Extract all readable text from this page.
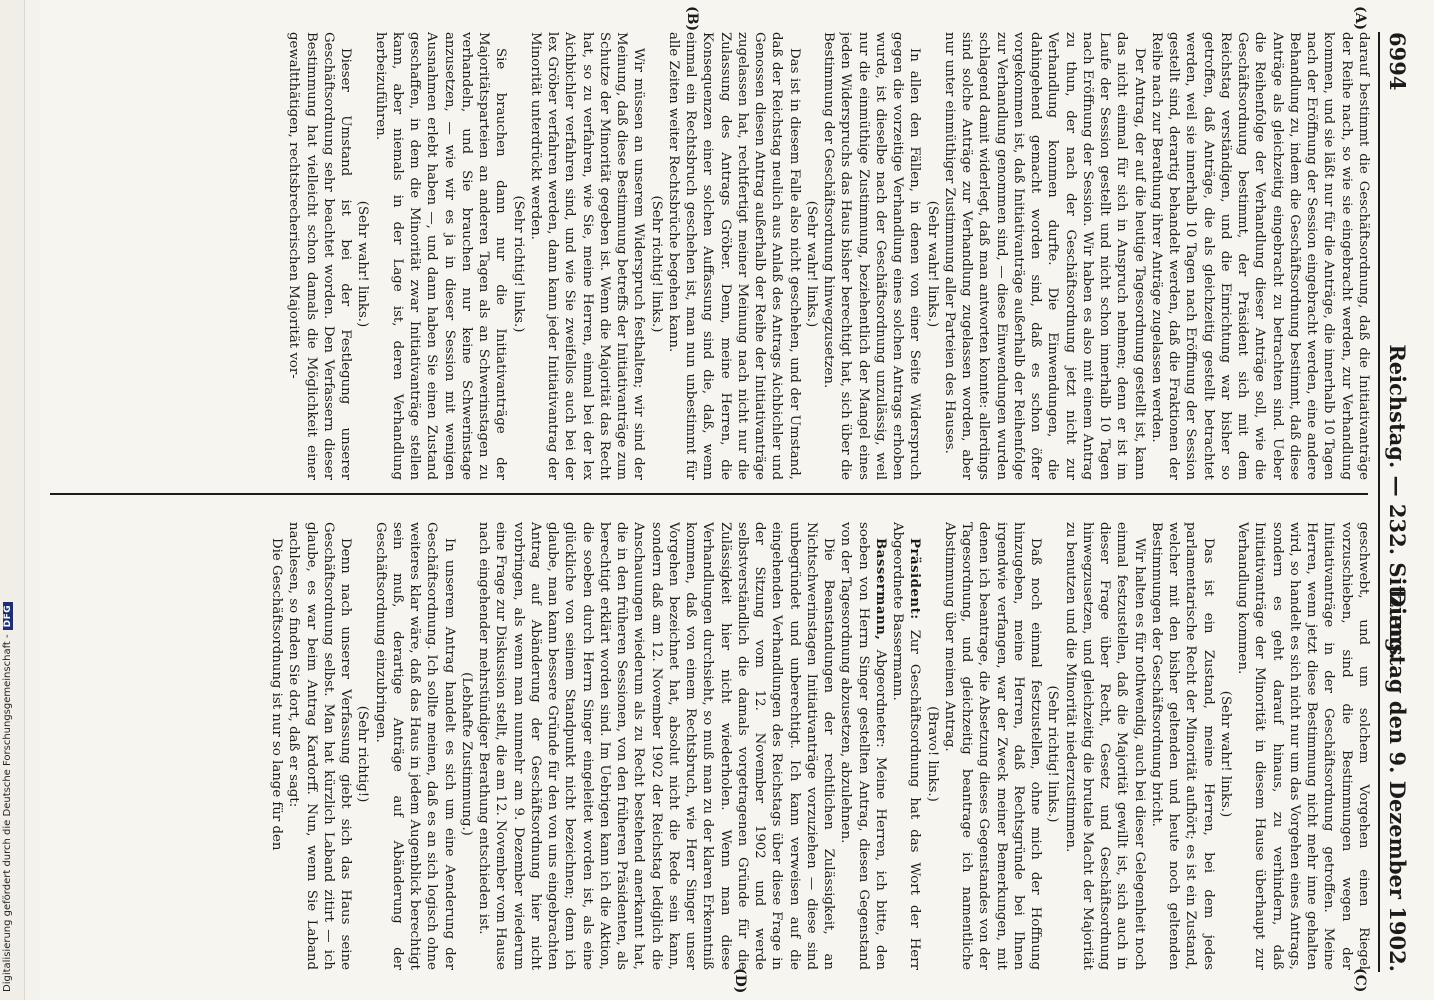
Digitalisierung gefördert durch die Deutsche Forschungsgemeinschaft -DFG
6994
Reichstag. — 232. Sitzung.
Dienstag den 9. Dezember 1902.
(A)
(B)
(C)
(D)

darauf bestimmt die Geschäftsordnung, daß die Initiativanträge der Reihe nach, so wie sie eingebracht werden, zur Verhandlung kommen, und sie läßt nur für die Anträge, die innerhalb 10 Tagen nach der Eröffnung der Session eingebracht werden, eine andere Behandlung zu, indem die Geschäftsordnung bestimmt, daß diese Anträge als gleichzeitig eingebracht zu betrachten sind. Ueber die Reihenfolge der Verhandlung dieser Anträge soll, wie die Geschäftsordnung bestimmt, der Präsident sich mit dem Reichstag verständigen, und die Einrichtung war bisher so getroffen, daß Anträge, die als gleichzeitig gestellt betrachtet werden, weil sie innerhalb 10 Tagen nach Eröffnung der Session gestellt sind, derartig behandelt werden, daß die Fraktionen der Reihe nach zur Berathung ihrer Anträge zugelassen werden.

Der Antrag, der auf die heutige Tagesordnung gestellt ist, kann das nicht einmal für sich in Anspruch nehmen; denn er ist im Laufe der Session gestellt und nicht schon innerhalb 10 Tagen nach Eröffnung der Session. Wir haben es also mit einem Antrag zu thun, der nach der Geschäftsordnung jetzt nicht zur Verhandlung kommen durfte. Die Einwendungen, die dahingehend gemacht worden sind, daß es schon öfter vorgekommen ist, daß Initiativanträge außerhalb der Reihenfolge zur Verhandlung genommen sind, — diese Einwendungen wurden schlagend damit widerlegt, daß man antworten konnte: allerdings sind solche Anträge zur Verhandlung zugelassen worden, aber nur unter einmüthiger Zustimmung aller Parteien des Hauses.

(Sehr wahr! links.)

In allen den Fällen, in denen von einer Seite Widerspruch gegen die vorzeitige Verhandlung eines solchen Antrags erhoben wurde, ist dieselbe nach der Geschäftsordnung unzulässig, weil nur die einmüthige Zustimmung, beziehentlich der Mangel eines jeden Widerspruchs das Haus bisher berechtigt hat, sich über die Bestimmung der Geschäftsordnung hinwegzusetzen.

(Sehr wahr! links.)

Das ist in diesem Falle also nicht geschehen, und der Umstand, daß der Reichstag neulich aus Anlaß des Antrags Aichbichler und Genossen diesen Antrag außerhalb der Reihe der Initiativanträge zugelassen hat, rechtfertigt meiner Meinung nach nicht nur die Zulassung des Antrags Gröber. Denn, meine Herren, die Konsequenzen einer solchen Auffassung sind die, daß, wenn einmal ein Rechtsbruch geschehen ist, man nun unbestimmt für alle Zeiten weiter Rechtsbrüche begehen kann.

(Sehr richtig! links.)

Wir müssen an unserem Widerspruch festhalten; wir sind der Meinung, daß diese Bestimmung betreffs der Initiativanträge zum Schutze der Minorität gegeben ist. Wenn die Majorität das Recht hat, so zu verfahren, wie Sie, meine Herren, einmal bei der lex Aichbichler verfahren sind, und wie Sie zweifellos auch bei der lex Gröber verfahren werden, dann kann jeder Initiativantrag der Minorität unterdrückt werden.

(Sehr richtig! links.)

Sie brauchen dann nur die Initiativanträge der Majoritätsparteien an anderen Tagen als an Schwerinstagen zu verhandeln, und Sie brauchen nur keine Schwerinstage anzusetzen, — wie wir es ja in dieser Session mit wenigen Ausnahmen erlebt haben —, und dann haben Sie einen Zustand geschaffen, in dem die Minorität zwar Initiativanträge stellen kann, aber niemals in der Lage ist, deren Verhandlung herbeizuführen.

(Sehr wahr! links.)

Dieser Umstand ist bei der Festlegung unserer Geschäftsordnung sehr beachtet worden. Den Verfassern dieser Bestimmung hat vielleicht schon damals die Möglichkeit einer gewaltthätigen, rechtsbrecherischen Majorität vor-

geschwebt, und um solchem Vorgehen einen Riegel vorzuschieben, sind die Bestimmungen wegen der Initiativanträge in der Geschäftsordnung getroffen. Meine Herren, wenn jetzt diese Bestimmung nicht mehr inne gehalten wird, so handelt es sich nicht nur um das Vorgehen eines Antrags, sondern es geht darauf hinaus, zu verhindern, daß Initiativanträge der Minorität in diesem Hause überhaupt zur Verhandlung kommen.

(Sehr wahr! links.)

Das ist ein Zustand, meine Herren, bei dem jedes parlamentarische Recht der Minorität aufhört; es ist ein Zustand, welcher mit den bisher geltenden und heute noch geltenden Bestimmungen der Geschäftsordnung bricht.

Wir halten es für nothwendig, auch bei dieser Gelegenheit noch einmal festzustellen, daß die Majorität gewillt ist, sich auch in dieser Frage über Recht, Gesetz und Geschäftsordnung hinwegzusetzen, und gleichzeitig die brutale Macht der Majorität zu benutzen und die Minorität niederzustimmen.

(Sehr richtig! links.)

Daß noch einmal festzustellen, ohne mich der Hoffnung hinzugeben, meine Herren, daß Rechtsgründe bei Ihnen irgendwie verfangen, war der Zweck meiner Bemerkungen, mit denen ich beantrage, die Absetzung dieses Gegenstandes von der Tagesordnung, und gleichzeitig beantrage ich namentliche Abstimmung über meinen Antrag.

(Bravo! links.)

Präsident: Zur Geschäftsordnung hat das Wort der Herr Abgeordnete Bassermann.

Bassermann, Abgeordneter: Meine Herren, ich bitte, den soeben von Herrn Singer gestellten Antrag, diesen Gegenstand von der Tagesordnung abzusetzen, abzulehnen.

Die Beanstandungen der rechtlichen Zulässigkeit, an Nichtschwerinstagen Initiativanträge vorzuziehen — diese sind unbegründet und unberechtigt. Ich kann verweisen auf die eingehenden Verhandlungen des Reichstags über diese Frage in der Sitzung vom 12. November 1902 und werde selbstverständlich die damals vorgetragenen Gründe für die Zulässigkeit hier nicht wiederholen. Wenn man diese Verhandlungen durchsieht, so muß man zu der klaren Erkenntniß kommen, daß von einem Rechtsbruch, wie Herr Singer unser Vorgehen bezeichnet hat, absolut nicht die Rede sein kann, sondern daß am 12. November 1902 der Reichstag lediglich die Anschauungen wiederum als zu Recht bestehend anerkannt hat, die in den früheren Sessionen, von den früheren Präsidenten, als berechtigt erklärt worden sind. Im Uebrigen kann ich die Aktion, die soeben durch Herrn Singer eingeleitet worden ist, als eine glückliche von seinem Standpunkt nicht bezeichnen; denn ich glaube, man kann bessere Gründe für den von uns eingebrachten Antrag auf Abänderung der Geschäftsordnung hier nicht vorbringen, als wenn man nunmehr am 9. Dezember wiederum eine Frage zur Diskussion stellt, die am 12. November vom Hause nach eingehender mehrstündiger Berathung entschieden ist.

(Lebhafte Zustimmung.)

In unserem Antrag handelt es sich um eine Aenderung der Geschäftsordnung. Ich sollte meinen, daß es an sich logisch ohne weiteres klar wäre, daß das Haus in jedem Augenblick berechtigt sein muß, derartige Anträge auf Abänderung der Geschäftsordnung einzubringen.

(Sehr richtig!)

Denn nach unserer Verfassung giebt sich das Haus seine Geschäftsordnung selbst. Man hat kürzlich Laband zitirt — ich glaube, es war beim Antrag Kardorff. Nun, wenn Sie Laband nachlesen, so finden Sie dort, daß er sagt:

Die Geschäftsordnung ist nur so lange für den
